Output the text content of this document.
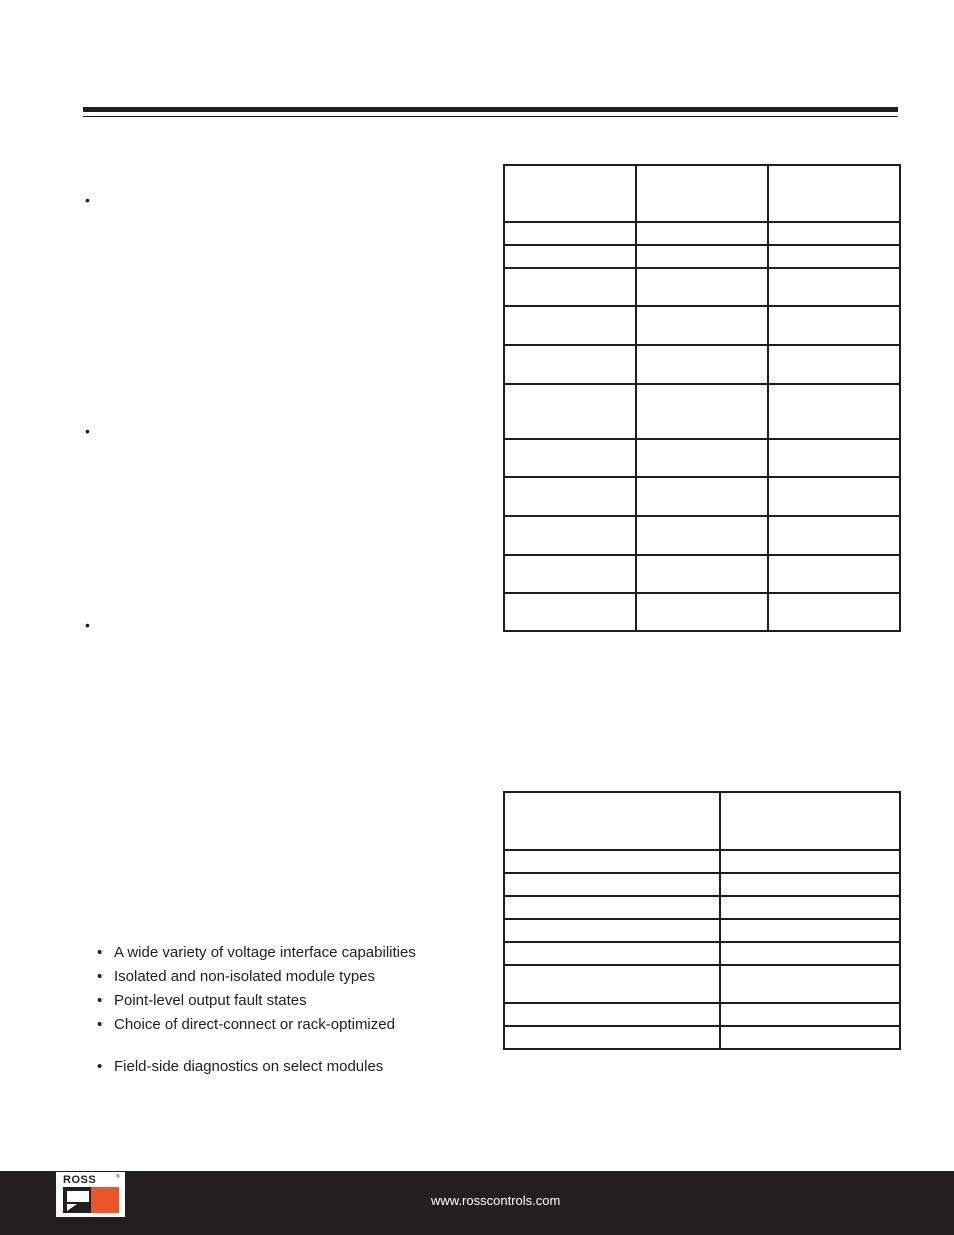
•
•
•

• A wide variety of voltage interface capabilities
• Isolated and non-isolated module types
• Point-level output fault states
• Choice of direct-connect or rack-optimized
• Field-side diagnostics on select modules
ROSS	®
www.rosscontrols.com
